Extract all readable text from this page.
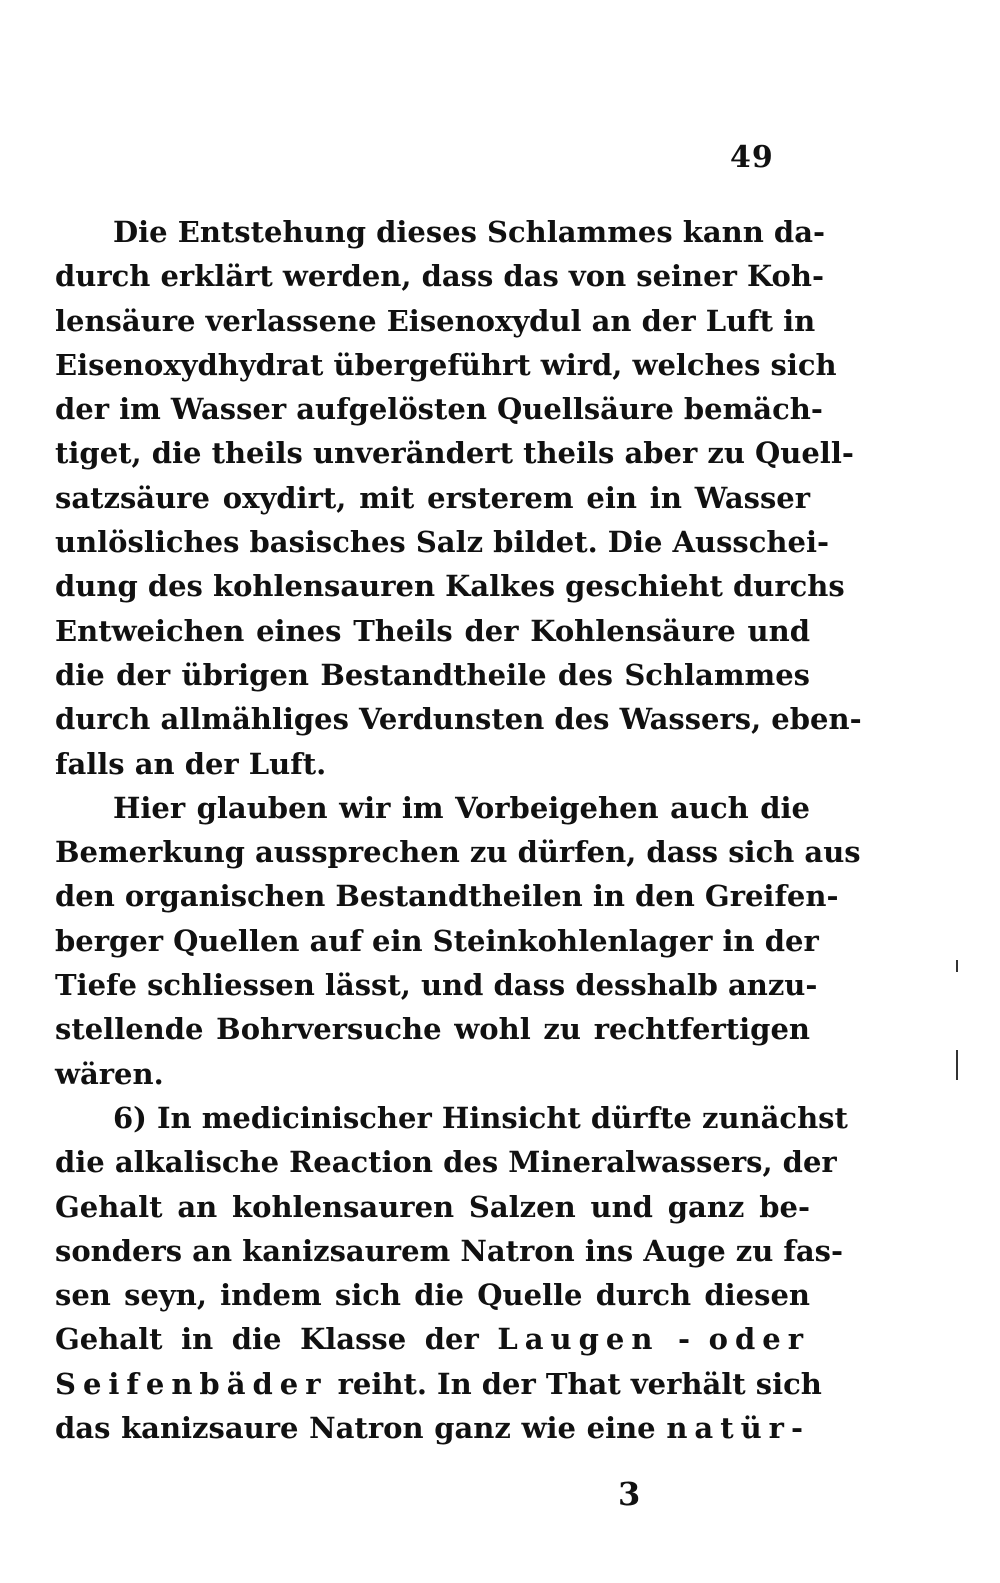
49
Die Entstehung dieses Schlammes kann da-
durch erklärt werden, dass das von seiner Koh-
lensäure verlassene Eisenoxydul an der Luft in
Eisenoxydhydrat übergeführt wird, welches sich
der im Wasser aufgelösten Quellsäure bemäch-
tiget, die theils unverändert theils aber zu Quell-
satzsäure oxydirt, mit ersterem ein in Wasser
unlösliches basisches Salz bildet. Die Ausschei-
dung des kohlensauren Kalkes geschieht durchs
Entweichen eines Theils der Kohlensäure und
die der übrigen Bestandtheile des Schlammes
durch allmähliges Verdunsten des Wassers, eben-
falls an der Luft.
Hier glauben wir im Vorbeigehen auch die
Bemerkung aussprechen zu dürfen, dass sich aus
den organischen Bestandtheilen in den Greifen-
berger Quellen auf ein Steinkohlenlager in der
Tiefe schliessen lässt, und dass desshalb anzu-
stellende Bohrversuche wohl zu rechtfertigen
wären.
6) In medicinischer Hinsicht dürfte zunächst
die alkalische Reaction des Mineralwassers, der
Gehalt an kohlensauren Salzen und ganz be-
sonders an kanizsaurem Natron ins Auge zu fas-
sen seyn, indem sich die Quelle durch diesen
Gehalt in die Klasse der Laugen - oder
Seifenbäder reiht. In der That verhält sich
das kanizsaure Natron ganz wie eine natür-
3
